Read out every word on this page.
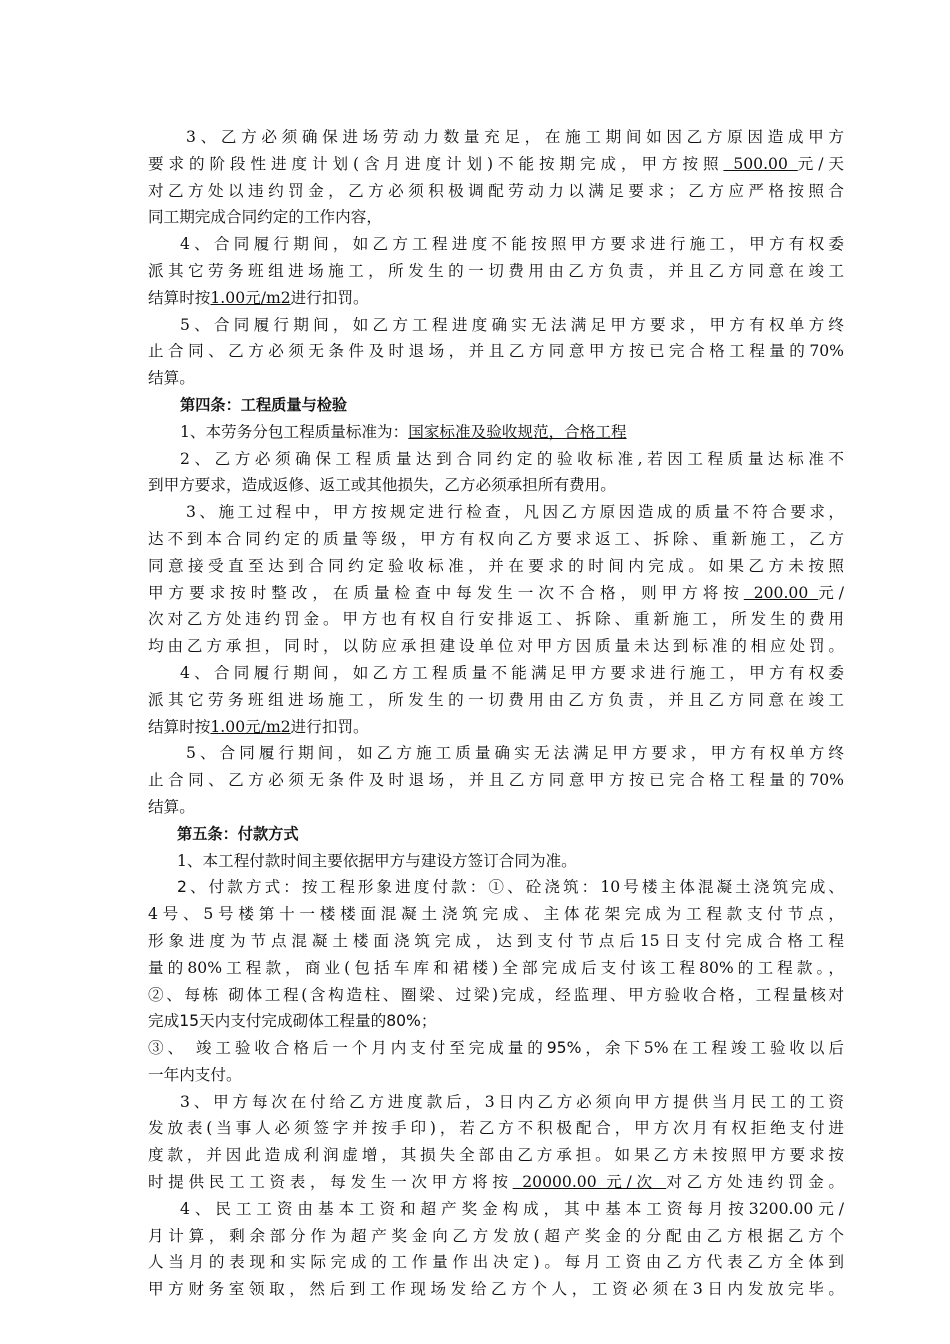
3、乙方必须确保进场劳动力数量充足，在施工期间如因乙方原因造成甲方
要求的阶段性进度计划(含月进度计划)不能按期完成，甲方按照 500.00 元/天
对乙方处以违约罚金，乙方必须积极调配劳动力以满足要求；乙方应严格按照合
同工期完成合同约定的工作内容，
4、合同履行期间，如乙方工程进度不能按照甲方要求进行施工，甲方有权委
派其它劳务班组进场施工，所发生的一切费用由乙方负责，并且乙方同意在竣工
结算时按1.00元/m2进行扣罚。
5、合同履行期间，如乙方工程进度确实无法满足甲方要求，甲方有权单方终
止合同、乙方必须无条件及时退场，并且乙方同意甲方按已完合格工程量的70%
结算。
第四条：工程质量与检验
1、本劳务分包工程质量标准为：国家标准及验收规范，合格工程
2、乙方必须确保工程质量达到合同约定的验收标准,若因工程质量达标准不
到甲方要求，造成返修、返工或其他损失，乙方必须承担所有费用。
3、施工过程中，甲方按规定进行检查，凡因乙方原因造成的质量不符合要求，
达不到本合同约定的质量等级，甲方有权向乙方要求返工、拆除、重新施工，乙方
同意接受直至达到合同约定验收标准，并在要求的时间内完成。如果乙方未按照
甲方要求按时整改，在质量检查中每发生一次不合格，则甲方将按 200.00 元/
次对乙方处违约罚金。甲方也有权自行安排返工、拆除、重新施工，所发生的费用
均由乙方承担，同时，以防应承担建设单位对甲方因质量未达到标准的相应处罚。
4、合同履行期间，如乙方工程质量不能满足甲方要求进行施工，甲方有权委
派其它劳务班组进场施工，所发生的一切费用由乙方负责，并且乙方同意在竣工
结算时按1.00元/m2进行扣罚。
5、合同履行期间，如乙方施工质量确实无法满足甲方要求，甲方有权单方终
止合同、乙方必须无条件及时退场，并且乙方同意甲方按已完合格工程量的70%
结算。
第五条：付款方式
1、本工程付款时间主要依据甲方与建设方签订合同为准。
2、付款方式：按工程形象进度付款：①、砼浇筑：10号楼主体混凝土浇筑完成、
4号、5号楼第十一楼楼面混凝土浇筑完成、主体花架完成为工程款支付节点，
形象进度为节点混凝土楼面浇筑完成，达到支付节点后15日支付完成合格工程
量的80%工程款，商业(包括车库和裙楼)全部完成后支付该工程80%的工程款。，
②、每栋 砌体工程(含构造柱、圈梁、过梁)完成，经监理、甲方验收合格，工程量核对
完成15天内支付完成砌体工程量的80%；
③、 竣工验收合格后一个月内支付至完成量的95%，余下5%在工程竣工验收以后
一年内支付。
3、甲方每次在付给乙方进度款后，3日内乙方必须向甲方提供当月民工的工资
发放表(当事人必须签字并按手印)，若乙方不积极配合，甲方次月有权拒绝支付进
度款，并因此造成利润虚增，其损失全部由乙方承担。如果乙方未按照甲方要求按
时提供民工工资表，每发生一次甲方将按 20000.00 元/次 对乙方处违约罚金。
4、民工工资由基本工资和超产奖金构成，其中基本工资每月按3200.00元/
月计算，剩余部分作为超产奖金向乙方发放(超产奖金的分配由乙方根据乙方个
人当月的表现和实际完成的工作量作出决定)。每月工资由乙方代表乙方全体到
甲方财务室领取，然后到工作现场发给乙方个人，工资必须在3日内发放完毕。
